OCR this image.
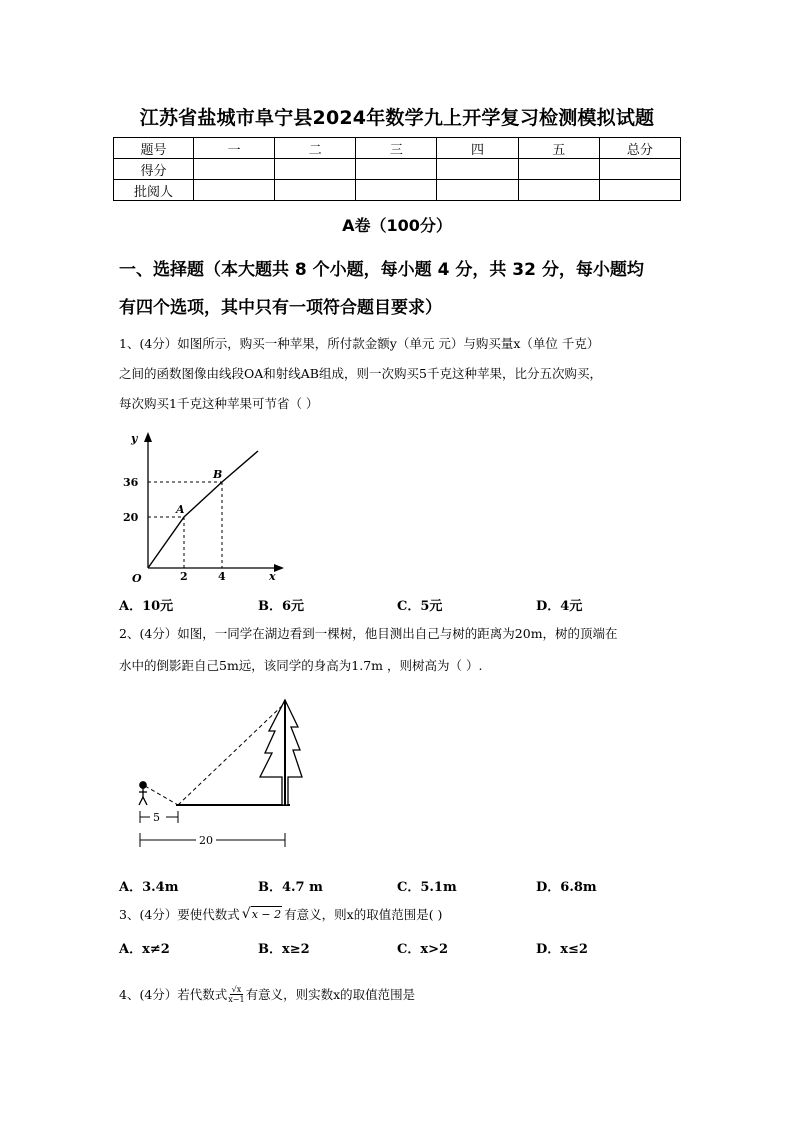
江苏省盐城市阜宁县2024年数学九上开学复习检测模拟试题
题号	一	二	三	四	五	总分
得分						
批阅人						
A卷（100分）
一、选择题（本大题共 8 个小题，每小题 4 分，共 32 分，每小题均
有四个选项，其中只有一项符合题目要求）
1、(4分）如图所示，购买一种苹果，所付款金额y（单元 元）与购买量x（单位 千克）
之间的函数图像由线段OA和射线AB组成，则一次购买5千克这种苹果，比分五次购买，
每次购买1千克这种苹果可节省（ ）
y
x
O
36
20
2	4
A
B
A．10元	B．6元	C．5元	D．4元
2、(4分）如图，一同学在湖边看到一棵树，他目测出自己与树的距离为20m，树的顶端在
水中的倒影距自己5m远，该同学的身高为1.7m ，则树高为（ ）.
5
20
A．3.4m	B．4.7 m	C．5.1m	D．6.8m
3、(4分）要使代数式 √ x − 2 有意义，则x的取值范围是( )
A．x≠2	B．x≥2	C．x>2	D．x≤2
4、(4分）若代数式 $\frac{√x}{x-1}$ 有意义，则实数x的取值范围是
